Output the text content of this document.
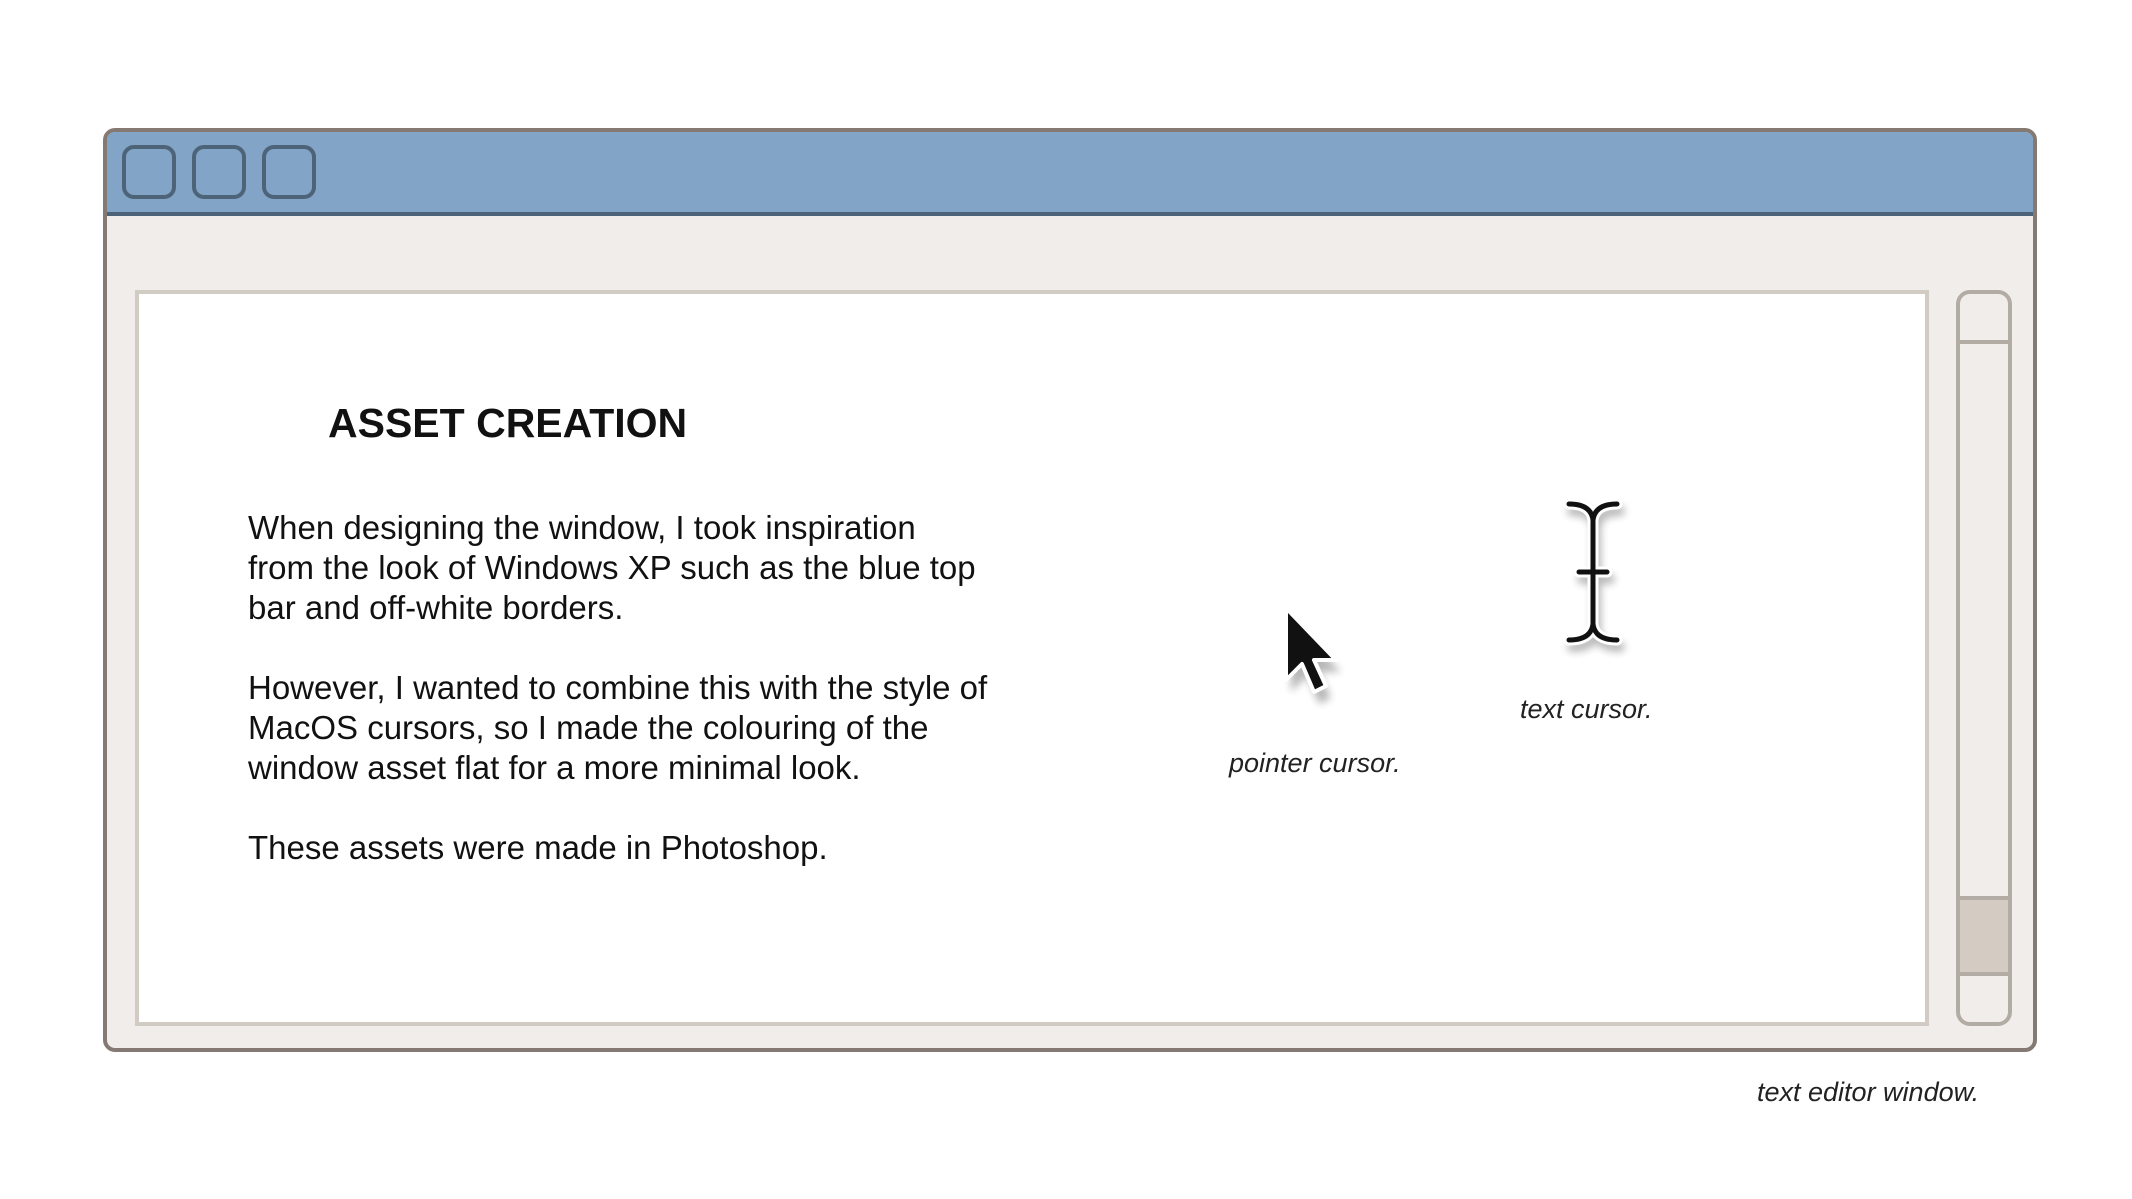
ASSET CREATION

When designing the window, I took inspiration from the look of Windows XP such as the blue top bar and off-white borders.

However, I wanted to combine this with the style of MacOS cursors, so I made the colouring of the window asset flat for a more minimal look.

These assets were made in Photoshop.

pointer cursor.
text cursor.
text editor window.
